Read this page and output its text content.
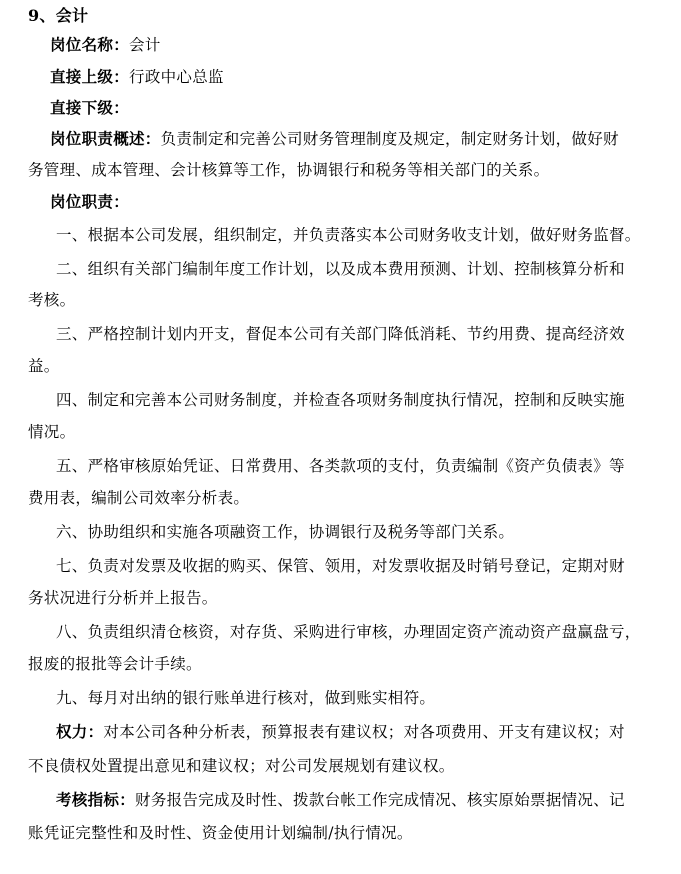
9、会计
岗位名称：会计
直接上级：行政中心总监
直接下级：
岗位职责概述：负责制定和完善公司财务管理制度及规定，制定财务计划，做好财
务管理、成本管理、会计核算等工作，协调银行和税务等相关部门的关系。
岗位职责：
一、根据本公司发展，组织制定，并负责落实本公司财务收支计划，做好财务监督。
二、组织有关部门编制年度工作计划，以及成本费用预测、计划、控制核算分析和
考核。
三、严格控制计划内开支，督促本公司有关部门降低消耗、节约用费、提高经济效
益。
四、制定和完善本公司财务制度，并检查各项财务制度执行情况，控制和反映实施
情况。
五、严格审核原始凭证、日常费用、各类款项的支付，负责编制《资产负债表》等
费用表，编制公司效率分析表。
六、协助组织和实施各项融资工作，协调银行及税务等部门关系。
七、负责对发票及收据的购买、保管、领用，对发票收据及时销号登记，定期对财
务状况进行分析并上报告。
八、负责组织清仓核资，对存货、采购进行审核，办理固定资产流动资产盘赢盘亏，
报废的报批等会计手续。
九、每月对出纳的银行账单进行核对，做到账实相符。
权力：对本公司各种分析表，预算报表有建议权；对各项费用、开支有建议权；对
不良债权处置提出意见和建议权；对公司发展规划有建议权。
考核指标：财务报告完成及时性、拨款台帐工作完成情况、核实原始票据情况、记
账凭证完整性和及时性、资金使用计划编制/执行情况。
